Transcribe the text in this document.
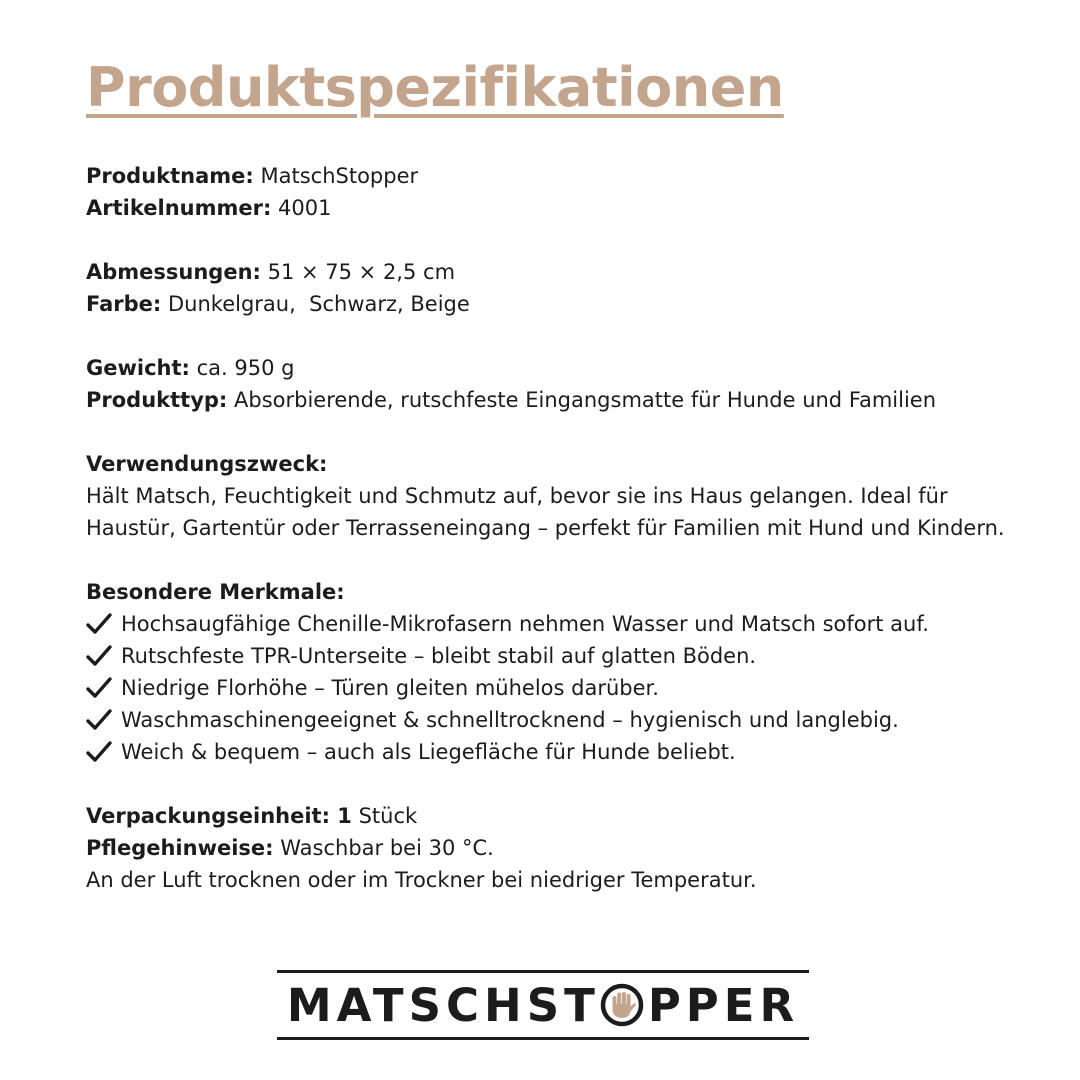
Produktspezifikationen
Produktname: MatschStopper
Artikelnummer: 4001
Abmessungen: 51 × 75 × 2,5 cm
Farbe: Dunkelgrau,  Schwarz, Beige
Gewicht: ca. 950 g
Produkttyp: Absorbierende, rutschfeste Eingangsmatte für Hunde und Familien
Verwendungszweck:
Hält Matsch, Feuchtigkeit und Schmutz auf, bevor sie ins Haus gelangen. Ideal für Haustür, Gartentür oder Terrasseneingang – perfekt für Familien mit Hund und Kindern.
Besondere Merkmale:
Hochsaugfähige Chenille-Mikrofasern nehmen Wasser und Matsch sofort auf.
Rutschfeste TPR-Unterseite – bleibt stabil auf glatten Böden.
Niedrige Florhöhe – Türen gleiten mühelos darüber.
Waschmaschinengeeignet & schnelltrocknend – hygienisch und langlebig.
Weich & bequem – auch als Liegefläche für Hunde beliebt.
Verpackungseinheit: 1 Stück
Pflegehinweise: Waschbar bei 30 °C.
An der Luft trocknen oder im Trockner bei niedriger Temperatur.
MATSCHST PPER
